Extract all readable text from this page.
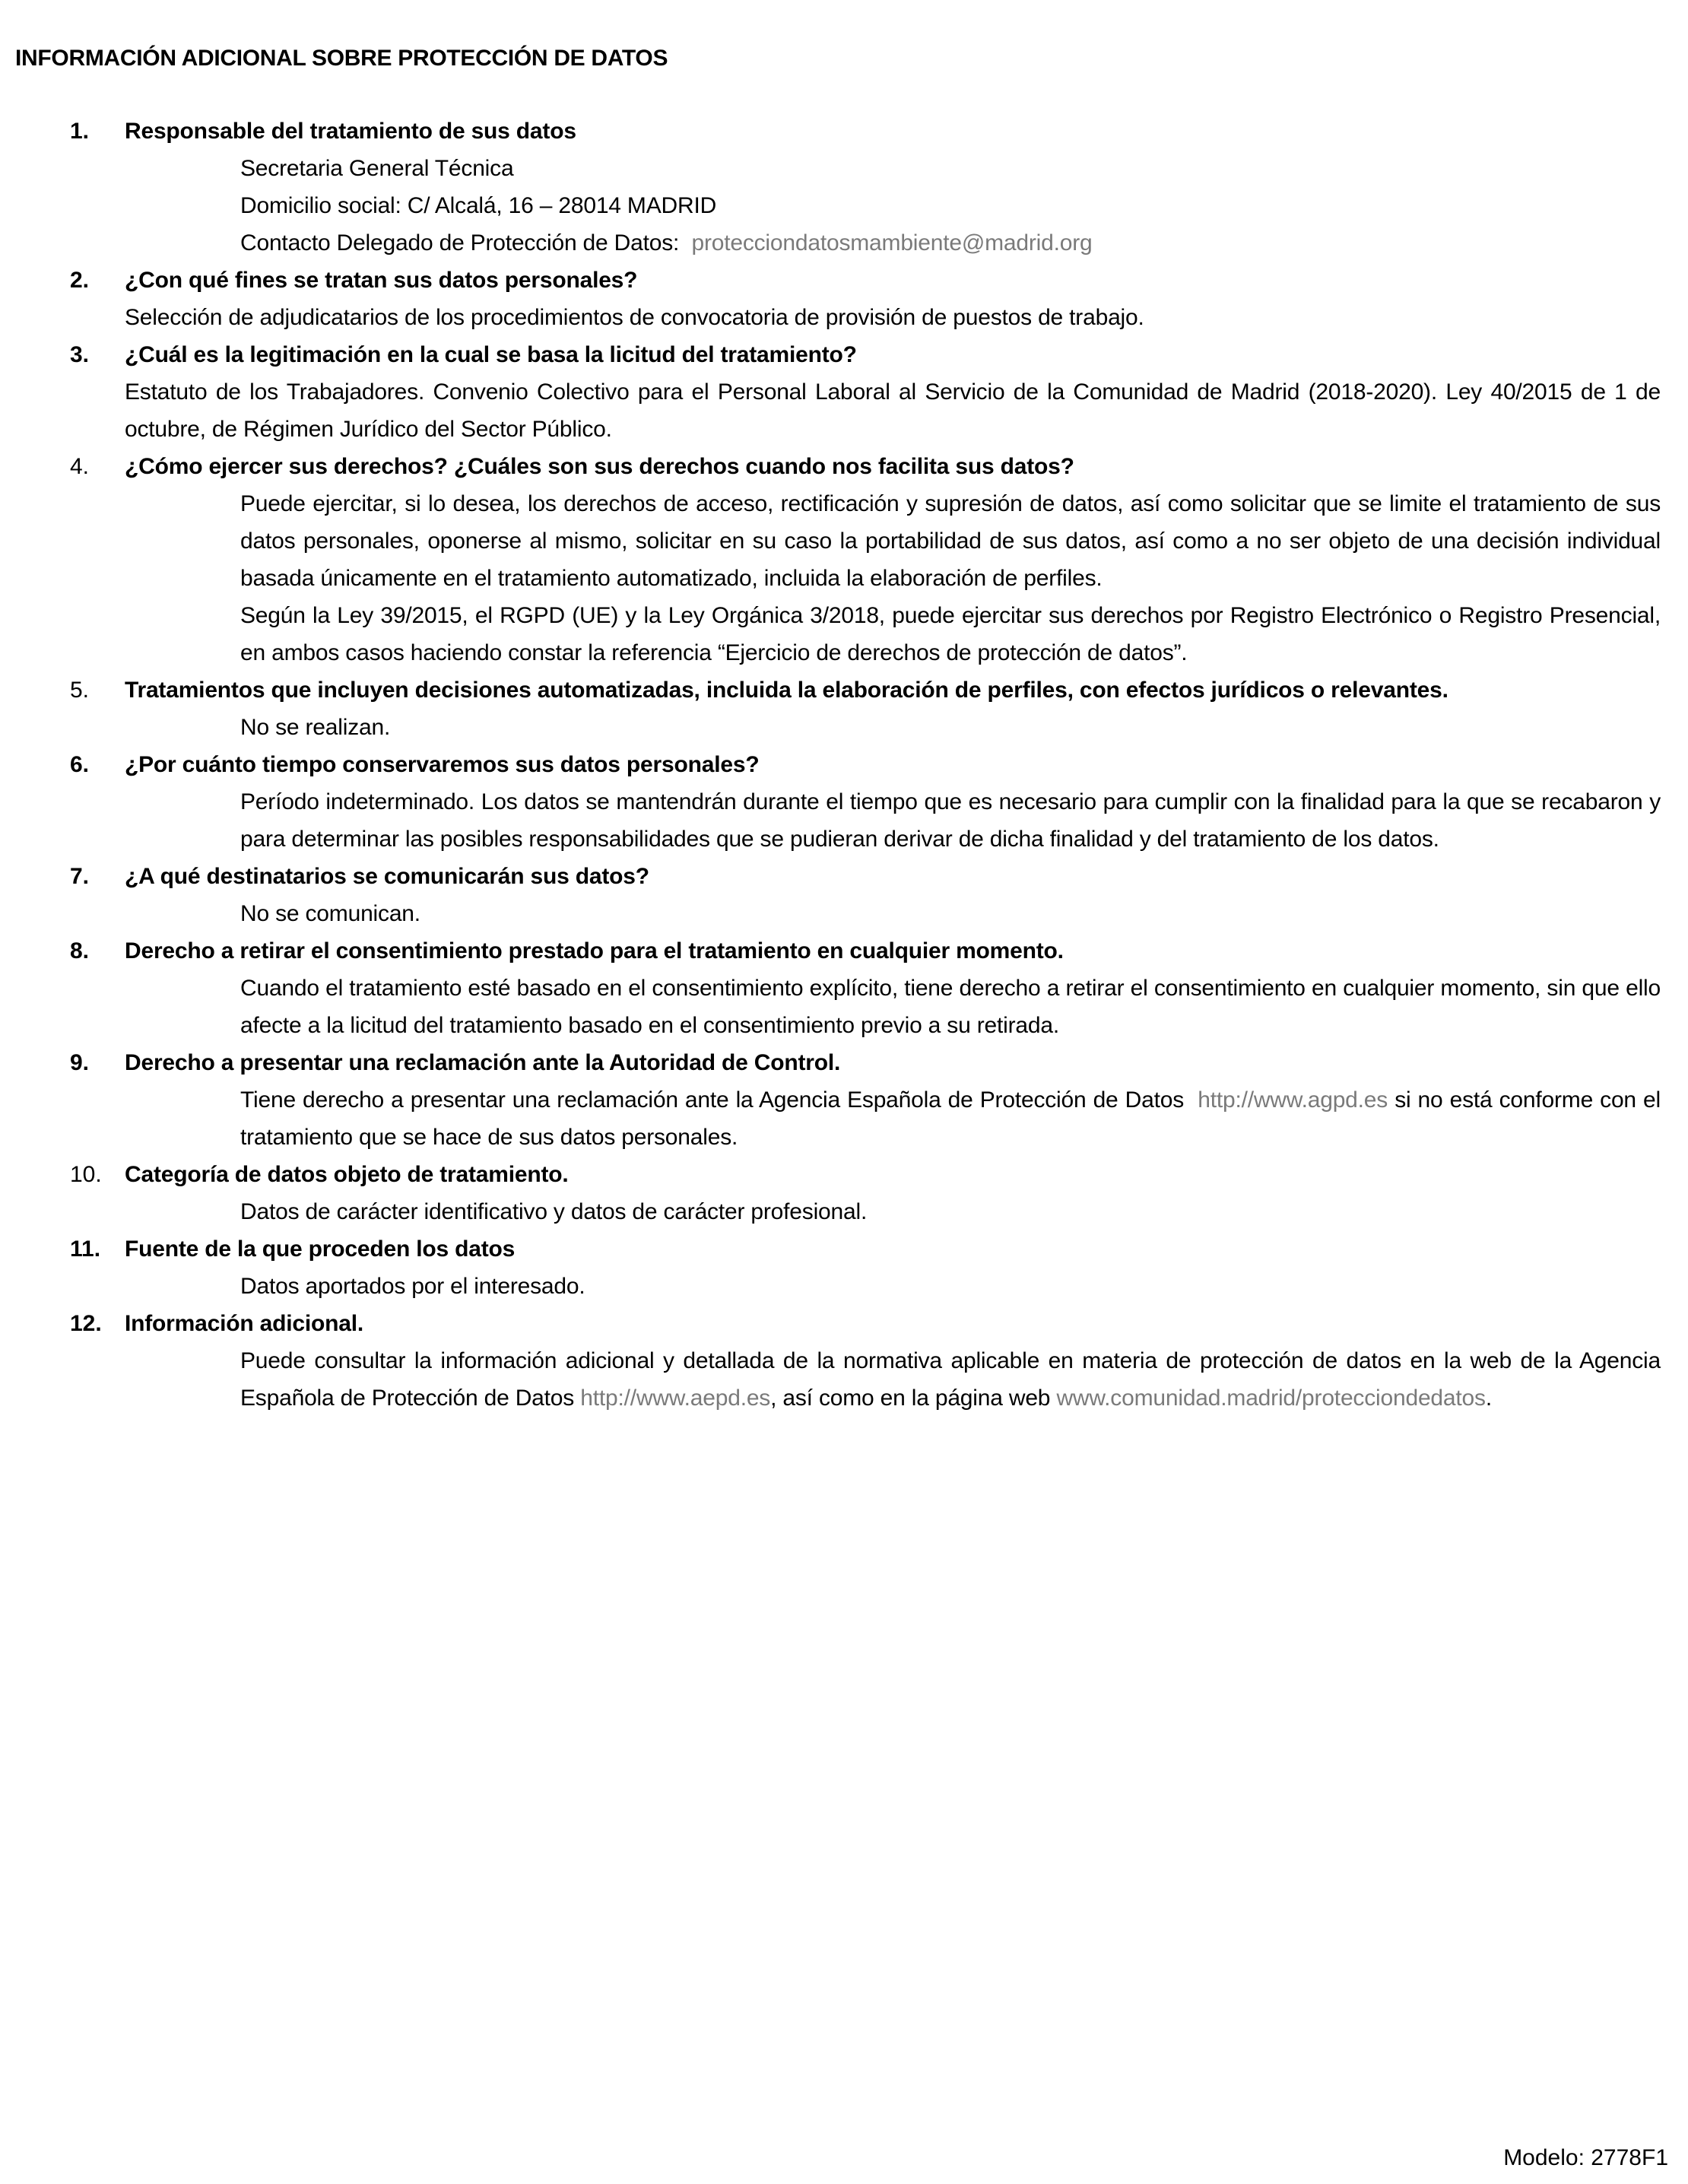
INFORMACIÓN ADICIONAL SOBRE PROTECCIÓN DE DATOS
1.	Responsable del tratamiento de sus datos
Secretaria General Técnica
Domicilio social: C/ Alcalá, 16 – 28014 MADRID
Contacto Delegado de Protección de Datos: protecciondatosmambiente@madrid.org
2.	¿Con qué fines se tratan sus datos personales?
Selección de adjudicatarios de los procedimientos de convocatoria de provisión de puestos de trabajo.
3.	¿Cuál es la legitimación en la cual se basa la licitud del tratamiento?
Estatuto de los Trabajadores. Convenio Colectivo para el Personal Laboral al Servicio de la Comunidad de Madrid (2018-2020). Ley 40/2015 de 1 de octubre, de Régimen Jurídico del Sector Público.
4.	¿Cómo ejercer sus derechos? ¿Cuáles son sus derechos cuando nos facilita sus datos?
Puede ejercitar, si lo desea, los derechos de acceso, rectificación y supresión de datos, así como solicitar que se limite el tratamiento de sus datos personales, oponerse al mismo, solicitar en su caso la portabilidad de sus datos, así como a no ser objeto de una decisión individual basada únicamente en el tratamiento automatizado, incluida la elaboración de perfiles.
Según la Ley 39/2015, el RGPD (UE) y la Ley Orgánica 3/2018, puede ejercitar sus derechos por Registro Electrónico o Registro Presencial, en ambos casos haciendo constar la referencia “Ejercicio de derechos de protección de datos”.
5.	Tratamientos que incluyen decisiones automatizadas, incluida la elaboración de perfiles, con efectos jurídicos o relevantes.
No se realizan.
6.	¿Por cuánto tiempo conservaremos sus datos personales?
Período indeterminado. Los datos se mantendrán durante el tiempo que es necesario para cumplir con la finalidad para la que se recabaron y para determinar las posibles responsabilidades que se pudieran derivar de dicha finalidad y del tratamiento de los datos.
7.	¿A qué destinatarios se comunicarán sus datos?
No se comunican.
8.	Derecho a retirar el consentimiento prestado para el tratamiento en cualquier momento.
Cuando el tratamiento esté basado en el consentimiento explícito, tiene derecho a retirar el consentimiento en cualquier momento, sin que ello afecte a la licitud del tratamiento basado en el consentimiento previo a su retirada.
9.	Derecho a presentar una reclamación ante la Autoridad de Control.
Tiene derecho a presentar una reclamación ante la Agencia Española de Protección de Datos http://www.agpd.es si no está conforme con el tratamiento que se hace de sus datos personales.
10.	Categoría de datos objeto de tratamiento.
Datos de carácter identificativo y datos de carácter profesional.
11.	Fuente de la que proceden los datos
Datos aportados por el interesado.
12.	Información adicional.
Puede consultar la información adicional y detallada de la normativa aplicable en materia de protección de datos en la web de la Agencia Española de Protección de Datos http://www.aepd.es, así como en la página web www.comunidad.madrid/protecciondedatos.
Modelo: 2778F1
